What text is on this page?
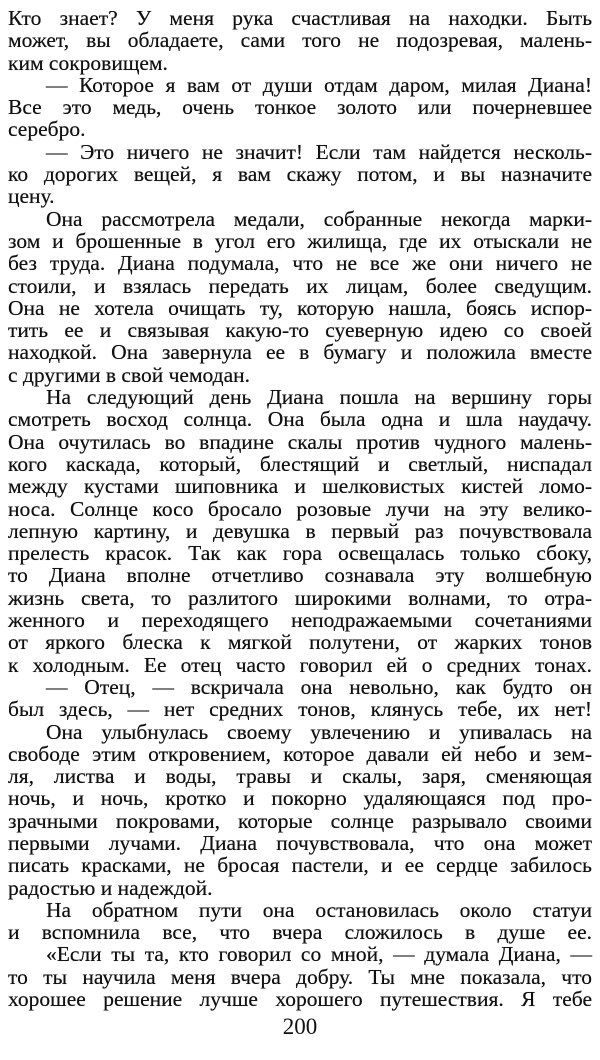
Кто знает? У меня рука счастливая на находки. Быть
может, вы обладаете, сами того не подозревая, малень-
ким сокровищем.
— Которое я вам от души отдам даром, милая Диана!
Все это медь, очень тонкое золото или почерневшее
серебро.
— Это ничего не значит! Если там найдется несколь-
ко дорогих вещей, я вам скажу потом, и вы назначите
цену.
Она рассмотрела медали, собранные некогда марки-
зом и брошенные в угол его жилища, где их отыскали не
без труда. Диана подумала, что не все же они ничего не
стоили, и взялась передать их лицам, более сведущим.
Она не хотела очищать ту, которую нашла, боясь испор-
тить ее и связывая какую-то суеверную идею со своей
находкой. Она завернула ее в бумагу и положила вместе
с другими в свой чемодан.
На следующий день Диана пошла на вершину горы
смотреть восход солнца. Она была одна и шла наудачу.
Она очутилась во впадине скалы против чудного малень-
кого каскада, который, блестящий и светлый, ниспадал
между кустами шиповника и шелковистых кистей ломо-
носа. Солнце косо бросало розовые лучи на эту велико-
лепную картину, и девушка в первый раз почувствовала
прелесть красок. Так как гора освещалась только сбоку,
то Диана вполне отчетливо сознавала эту волшебную
жизнь света, то разлитого широкими волнами, то отра-
женного и переходящего неподражаемыми сочетаниями
от яркого блеска к мягкой полутени, от жарких тонов
к холодным. Ее отец часто говорил ей о средних тонах.
— Отец, — вскричала она невольно, как будто он
был здесь, — нет средних тонов, клянусь тебе, их нет!
Она улыбнулась своему увлечению и упивалась на
свободе этим откровением, которое давали ей небо и зем-
ля, листва и воды, травы и скалы, заря, сменяющая
ночь, и ночь, кротко и покорно удаляющаяся под про-
зрачными покровами, которые солнце разрывало своими
первыми лучами. Диана почувствовала, что она может
писать красками, не бросая пастели, и ее сердце забилось
радостью и надеждой.
На обратном пути она остановилась около статуи
и вспомнила все, что вчера сложилось в душе ее.
«Если ты та, кто говорил со мной, — думала Диана, —
то ты научила меня вчера добру. Ты мне показала, что
хорошее решение лучше хорошего путешествия. Я тебе
200
